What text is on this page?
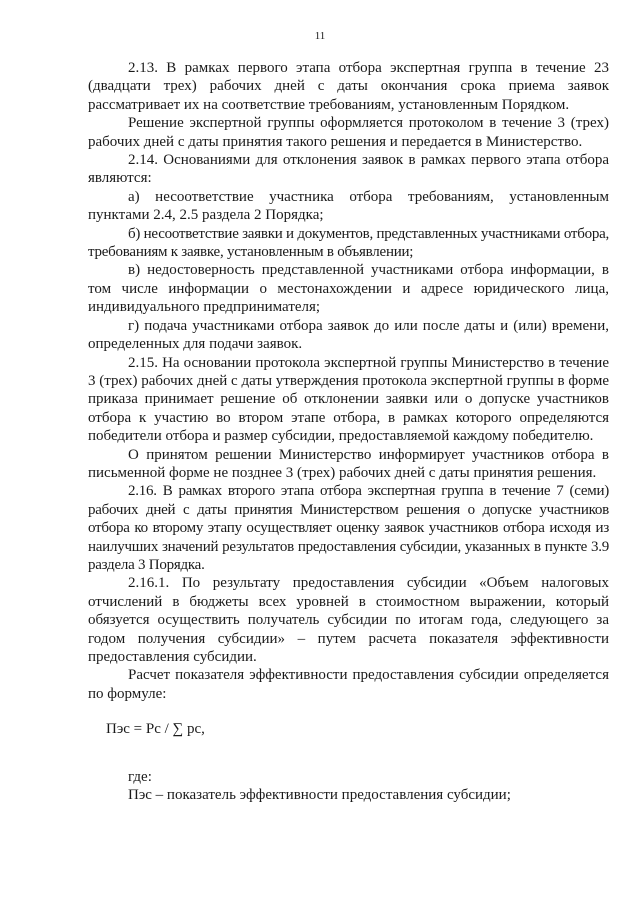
11

2.13. В рамках первого этапа отбора экспертная группа в течение 23 (двадцати трех) рабочих дней с даты окончания срока приема заявок рассматривает их на соответствие требованиям, установленным Порядком.

Решение экспертной группы оформляется протоколом в течение 3 (трех) рабочих дней с даты принятия такого решения и передается в Министерство.

2.14. Основаниями для отклонения заявок в рамках первого этапа отбора являются:

а) несоответствие участника отбора требованиям, установленным пунктами 2.4, 2.5 раздела 2 Порядка;

б) несоответствие заявки и документов, представленных участниками отбора, требованиям к заявке, установленным в объявлении;

в) недостоверность представленной участниками отбора информации, в том числе информации о местонахождении и адресе юридического лица, индивидуального предпринимателя;

г) подача участниками отбора заявок до или после даты и (или) времени, определенных для подачи заявок.

2.15. На основании протокола экспертной группы Министерство в течение 3 (трех) рабочих дней с даты утверждения протокола экспертной группы в форме приказа принимает решение об отклонении заявки или о допуске участников отбора к участию во втором этапе отбора, в рамках которого определяются победители отбора и размер субсидии, предоставляемой каждому победителю.

О принятом решении Министерство информирует участников отбора в письменной форме не позднее 3 (трех) рабочих дней с даты принятия решения.

2.16. В рамках второго этапа отбора экспертная группа в течение 7 (семи) рабочих дней с даты принятия Министерством решения о допуске участников отбора ко второму этапу осуществляет оценку заявок участников отбора исходя из наилучших значений результатов предоставления субсидии, указанных в пункте 3.9 раздела 3 Порядка.

2.16.1. По результату предоставления субсидии «Объем налоговых отчислений в бюджеты всех уровней в стоимостном выражении, который обязуется осуществить получатель субсидии по итогам года, следующего за годом получения субсидии» – путем расчета показателя эффективности предоставления субсидии.

Расчет показателя эффективности предоставления субсидии определяется по формуле:

Пэс = Рс / ∑ рс,

где:

Пэс – показатель эффективности предоставления субсидии;
